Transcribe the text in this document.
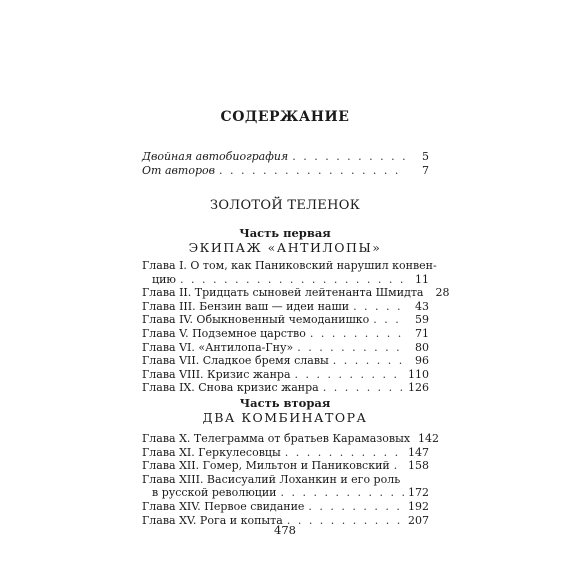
СОДЕРЖАНИЕ
Двойная автобиография . . .	5
От авторов . . .	7
ЗОЛОТОЙ ТЕЛЕНОК
Часть первая
ЭКИПАЖ «АНТИЛОПЫ»
Глава I. О том, как Паниковский нарушил конвен-
цию . . .	11
Глава II. Тридцать сыновей лейтенанта Шмидта	28
Глава III. Бензин ваш — идеи наши . . .	43
Глава IV. Обыкновенный чемоданишко . . .	59
Глава V. Подземное царство . . .	71
Глава VI. «Антилопа-Гну» . . .	80
Глава VII. Сладкое бремя славы . . .	96
Глава VIII. Кризис жанра . . .	110
Глава IX. Снова кризис жанра . . .	126
Часть вторая
ДВА КОМБИНАТОРА
Глава X. Телеграмма от братьев Карамазовых 142
Глава XI. Геркулесовцы . . .	147
Глава XII. Гомер, Мильтон и Паниковский . . . 158
Глава XIII. Васисуалий Лоханкин и его роль
в русской революции . . .	172
Глава XIV. Первое свидание . . .	192
Глава XV. Рога и копыта . . .	207
478
